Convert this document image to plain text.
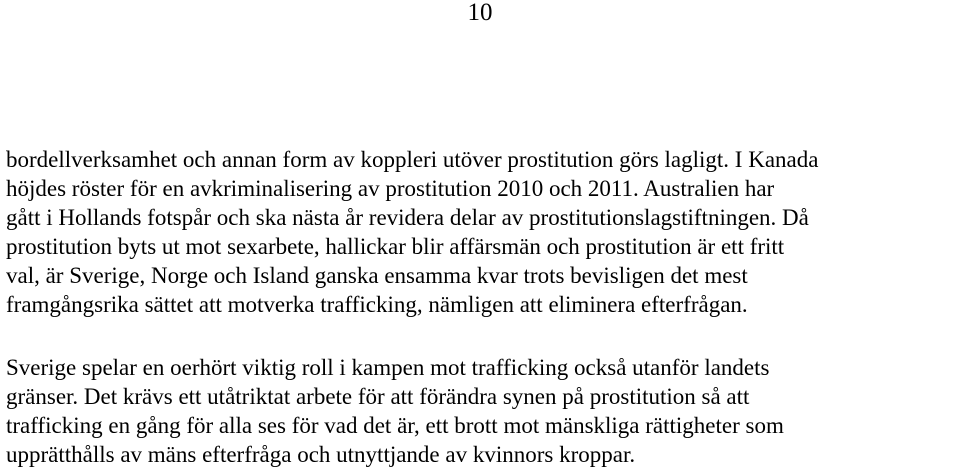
10

bordellverksamhet och annan form av koppleri utöver prostitution görs lagligt. I Kanada
höjdes röster för en avkriminalisering av prostitution 2010 och 2011. Australien har
gått i Hollands fotspår och ska nästa år revidera delar av prostitutionslagstiftningen. Då
prostitution byts ut mot sexarbete, hallickar blir affärsmän och prostitution är ett fritt
val, är Sverige, Norge och Island ganska ensamma kvar trots bevisligen det mest
framgångsrika sättet att motverka trafficking, nämligen att eliminera efterfrågan.

Sverige spelar en oerhört viktig roll i kampen mot trafficking också utanför landets
gränser. Det krävs ett utåtriktat arbete för att förändra synen på prostitution så att
trafficking en gång för alla ses för vad det är, ett brott mot mänskliga rättigheter som
upprätthålls av mäns efterfråga och utnyttjande av kvinnors kroppar.
